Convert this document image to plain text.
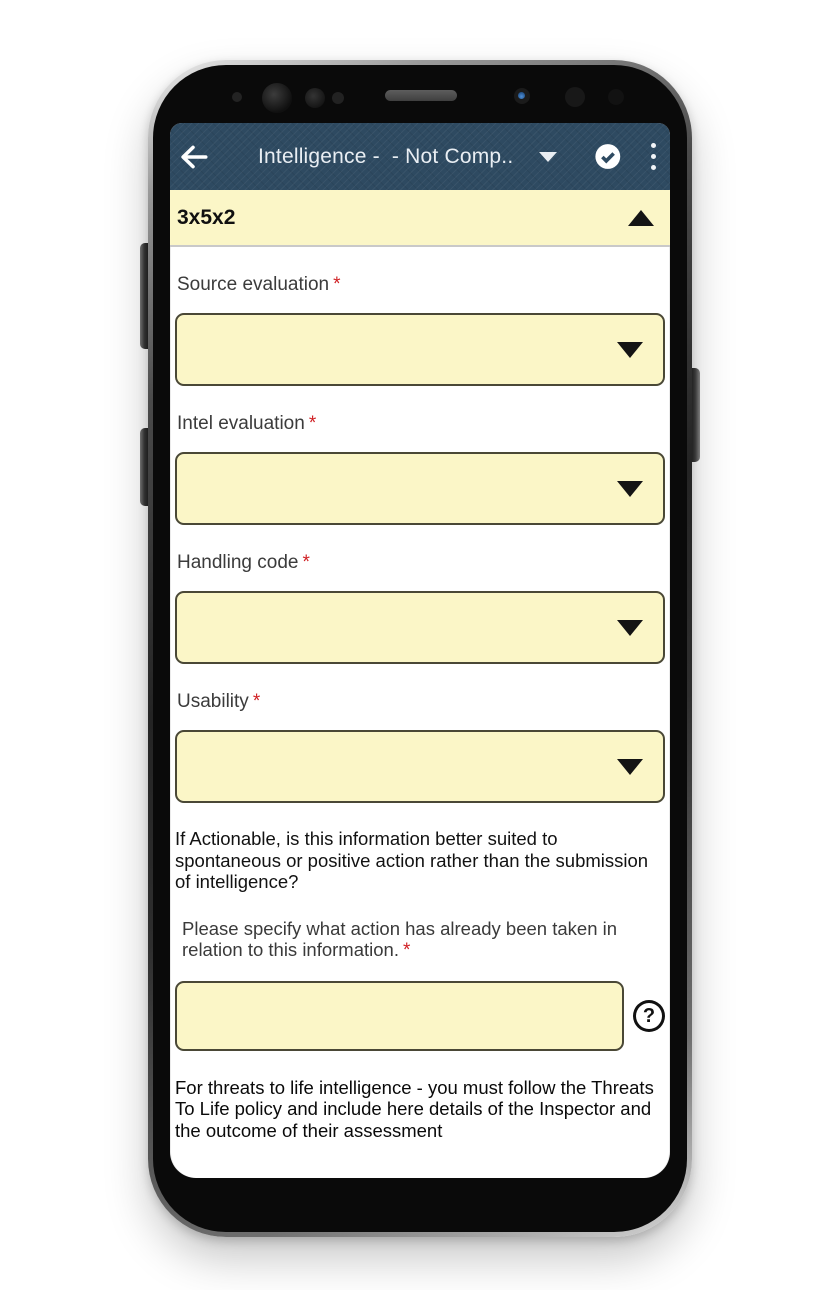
Intelligence -  - Not Comp..
3x5x2
Source evaluation *
Intel evaluation *
Handling code *
Usability *
If Actionable, is this information better suited to spontaneous or positive action rather than the submission of intelligence?
Please specify what action has already been taken in relation to this information. *
?
For threats to life intelligence - you must follow the Threats To Life policy and include here details of the Inspector and the outcome of their assessment
